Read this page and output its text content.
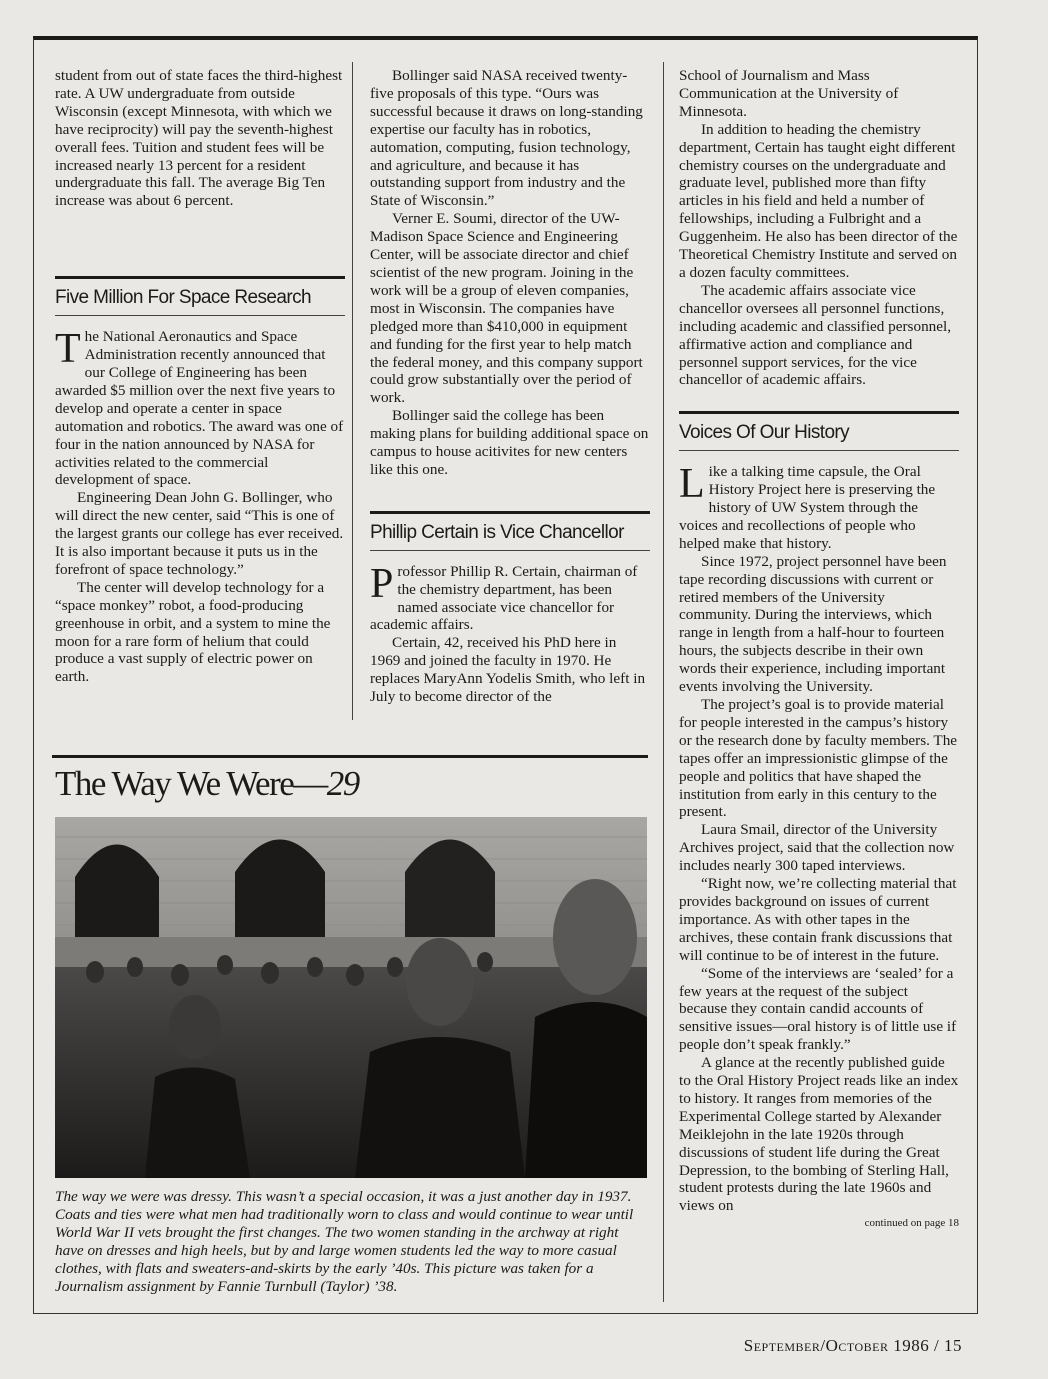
student from out of state faces the third-highest rate. A UW undergraduate from outside Wisconsin (except Minnesota, with which we have reciprocity) will pay the seventh-highest overall fees. Tuition and student fees will be increased nearly 13 percent for a resident undergraduate this fall. The average Big Ten increase was about 6 percent.

Five Million For Space Research

The National Aeronautics and Space Administration recently announced that our College of Engineering has been awarded $5 million over the next five years to develop and operate a center in space automation and robotics. The award was one of four in the nation announced by NASA for activities related to the commercial development of space.

Engineering Dean John G. Bollinger, who will direct the new center, said “This is one of the largest grants our college has ever received. It is also important because it puts us in the forefront of space technology.”

The center will develop technology for a “space monkey” robot, a food-producing greenhouse in orbit, and a system to mine the moon for a rare form of helium that could produce a vast supply of electric power on earth.

Bollinger said NASA received twenty-five proposals of this type. “Ours was successful because it draws on long-standing expertise our faculty has in robotics, automation, computing, fusion technology, and agriculture, and because it has outstanding support from industry and the State of Wisconsin.”

Verner E. Soumi, director of the UW-Madison Space Science and Engineering Center, will be associate director and chief scientist of the new program. Joining in the work will be a group of eleven companies, most in Wisconsin. The companies have pledged more than $410,000 in equipment and funding for the first year to help match the federal money, and this company support could grow substantially over the period of work.

Bollinger said the college has been making plans for building additional space on campus to house acitivites for new centers like this one.

Phillip Certain is Vice Chancellor

Professor Phillip R. Certain, chairman of the chemistry department, has been named associate vice chancellor for academic affairs.

Certain, 42, received his PhD here in 1969 and joined the faculty in 1970. He replaces MaryAnn Yodelis Smith, who left in July to become director of the

School of Journalism and Mass Communication at the University of Minnesota.

In addition to heading the chemistry department, Certain has taught eight different chemistry courses on the undergraduate and graduate level, published more than fifty articles in his field and held a number of fellowships, including a Fulbright and a Guggenheim. He also has been director of the Theoretical Chemistry Institute and served on a dozen faculty committees.

The academic affairs associate vice chancellor oversees all personnel functions, including academic and classified personnel, affirmative action and compliance and personnel support services, for the vice chancellor of academic affairs.

Voices Of Our History

Like a talking time capsule, the Oral History Project here is preserving the history of UW System through the voices and recollections of people who helped make that history.

Since 1972, project personnel have been tape recording discussions with current or retired members of the University community. During the interviews, which range in length from a half-hour to fourteen hours, the subjects describe in their own words their experience, including important events involving the University.

The project’s goal is to provide material for people interested in the campus’s history or the research done by faculty members. The tapes offer an impressionistic glimpse of the people and politics that have shaped the institution from early in this century to the present.

Laura Smail, director of the University Archives project, said that the collection now includes nearly 300 taped interviews.

“Right now, we’re collecting material that provides background on issues of current importance. As with other tapes in the archives, these contain frank discussions that will continue to be of interest in the future.

“Some of the interviews are ‘sealed’ for a few years at the request of the subject because they contain candid accounts of sensitive issues—oral history is of little use if people don’t speak frankly.”

A glance at the recently published guide to the Oral History Project reads like an index to history. It ranges from memories of the Experimental College started by Alexander Meiklejohn in the late 1920s through discussions of student life during the Great Depression, to the bombing of Sterling Hall, student protests during the late 1960s and views on

continued on page 18

The Way We Were—29
The way we were was dressy. This wasn’t a special occasion, it was a just another day in 1937. Coats and ties were what men had traditionally worn to class and would continue to wear until World War II vets brought the first changes. The two women standing in the archway at right have on dresses and high heels, but by and large women students led the way to more casual clothes, with flats and sweaters-and-skirts by the early ’40s. This picture was taken for a Journalism assignment by Fannie Turnbull (Taylor) ’38.
September/October 1986 / 15
